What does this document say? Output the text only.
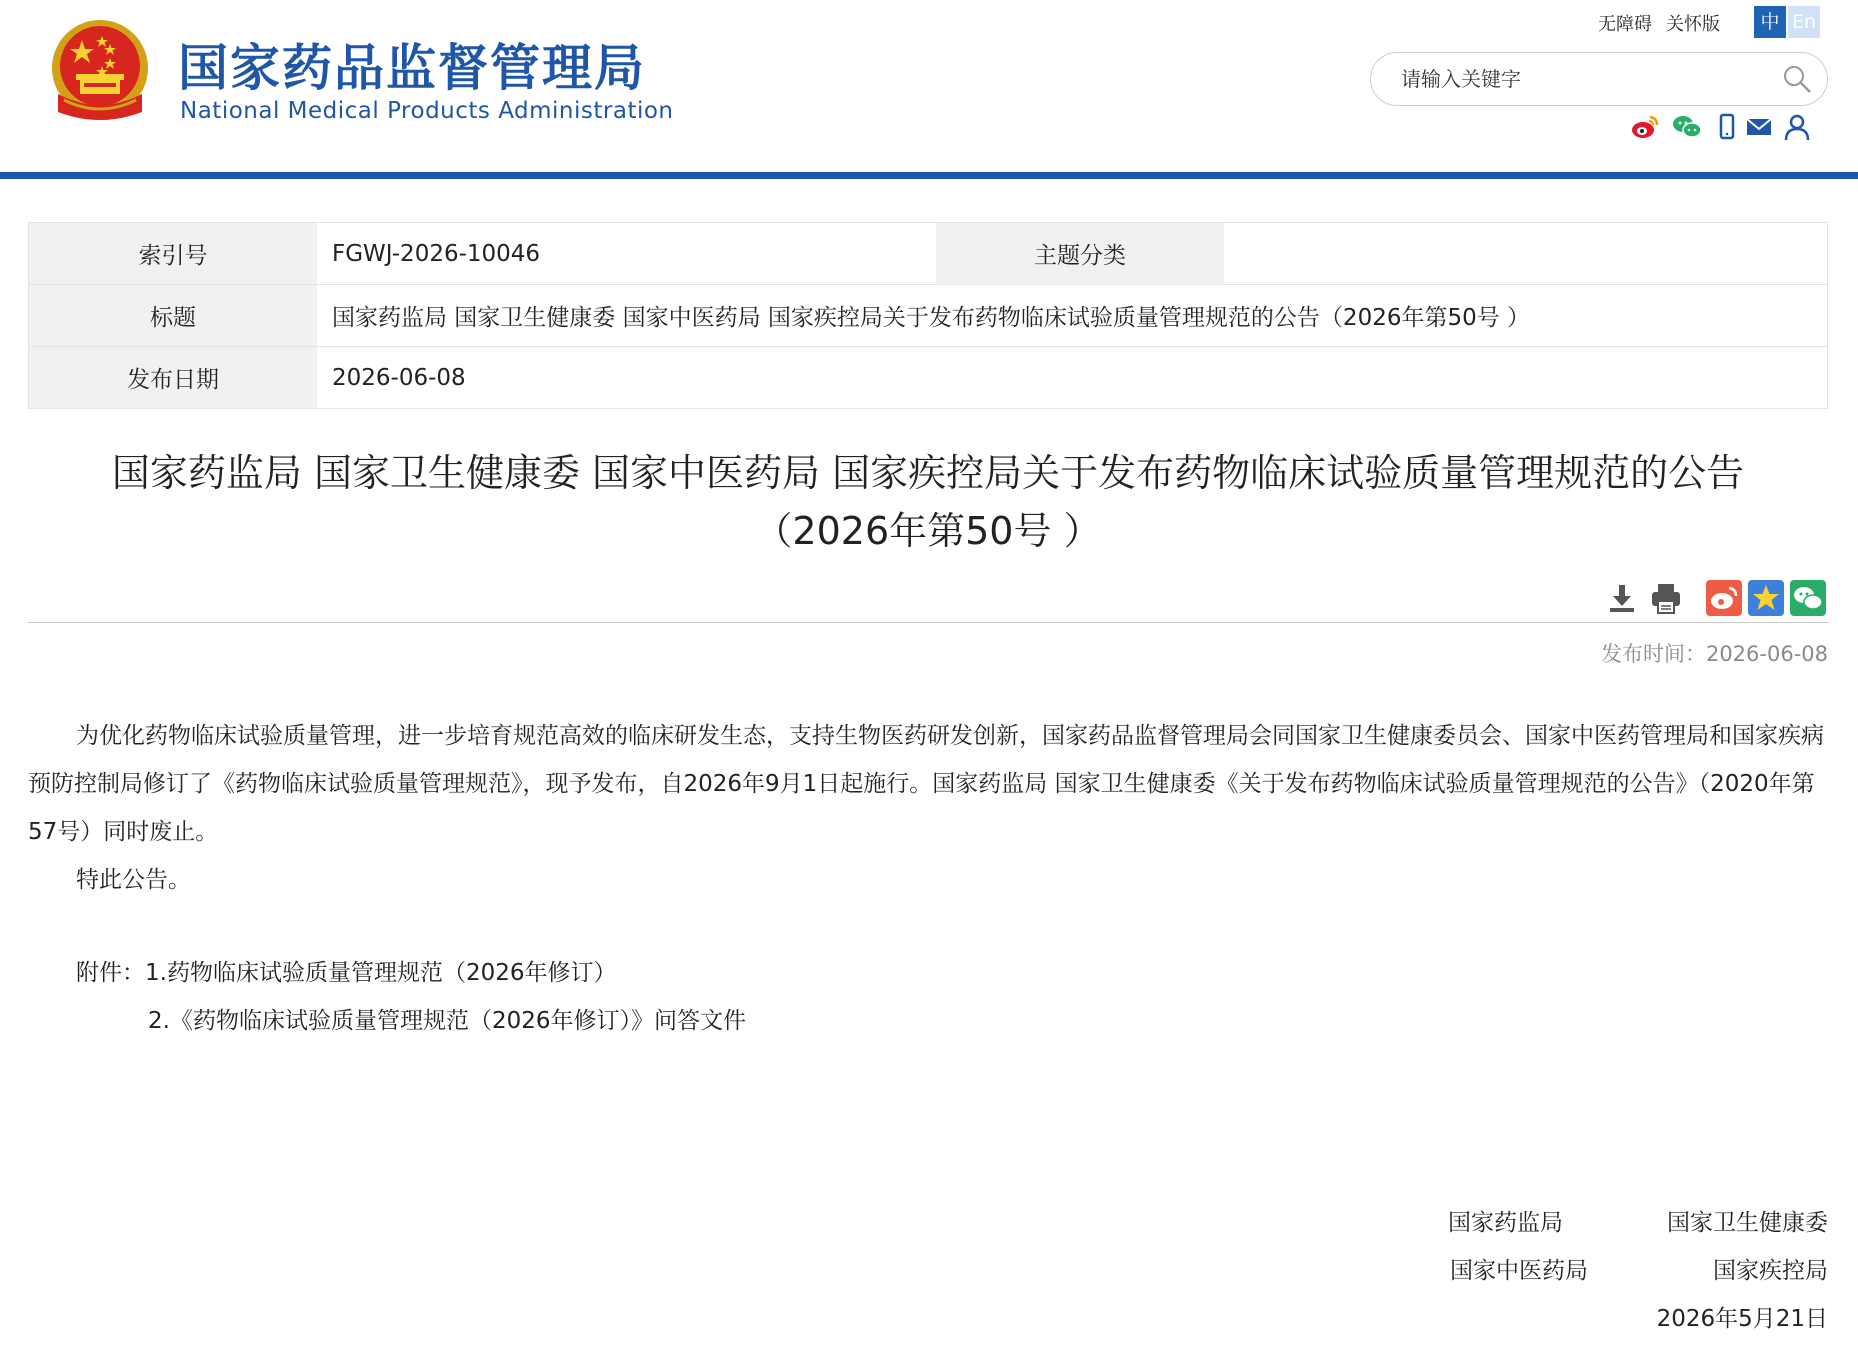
国家药品监督管理局
National Medical Products Administration
无障碍 关怀版	中 En
请输入关键字
索引号	FGWJ-2026-10046	主题分类	
标题	国家药监局 国家卫生健康委 国家中医药局 国家疾控局关于发布药物临床试验质量管理规范的公告（2026年第50号 ）		
发布日期	2026-06-08		
国家药监局 国家卫生健康委 国家中医药局 国家疾控局关于发布药物临床试验质量管理规范的公告
（2026年第50号 ）
发布时间：2026-06-08

为优化药物临床试验质量管理，进一步培育规范高效的临床研发生态，支持生物医药研发创新，国家药品监督管理局会同国家卫生健康委员会、国家中医药管理局和国家疾病预防控制局修订了《药物临床试验质量管理规范》，现予发布，自2026年9月1日起施行。国家药监局 国家卫生健康委《关于发布药物临床试验质量管理规范的公告》（2020年第57号）同时废止。

特此公告。

附件：1.药物临床试验质量管理规范（2026年修订）
2.《药物临床试验质量管理规范（2026年修订）》问答文件
国家药监局	国家卫生健康委
国家中医药局	国家疾控局
2026年5月21日
